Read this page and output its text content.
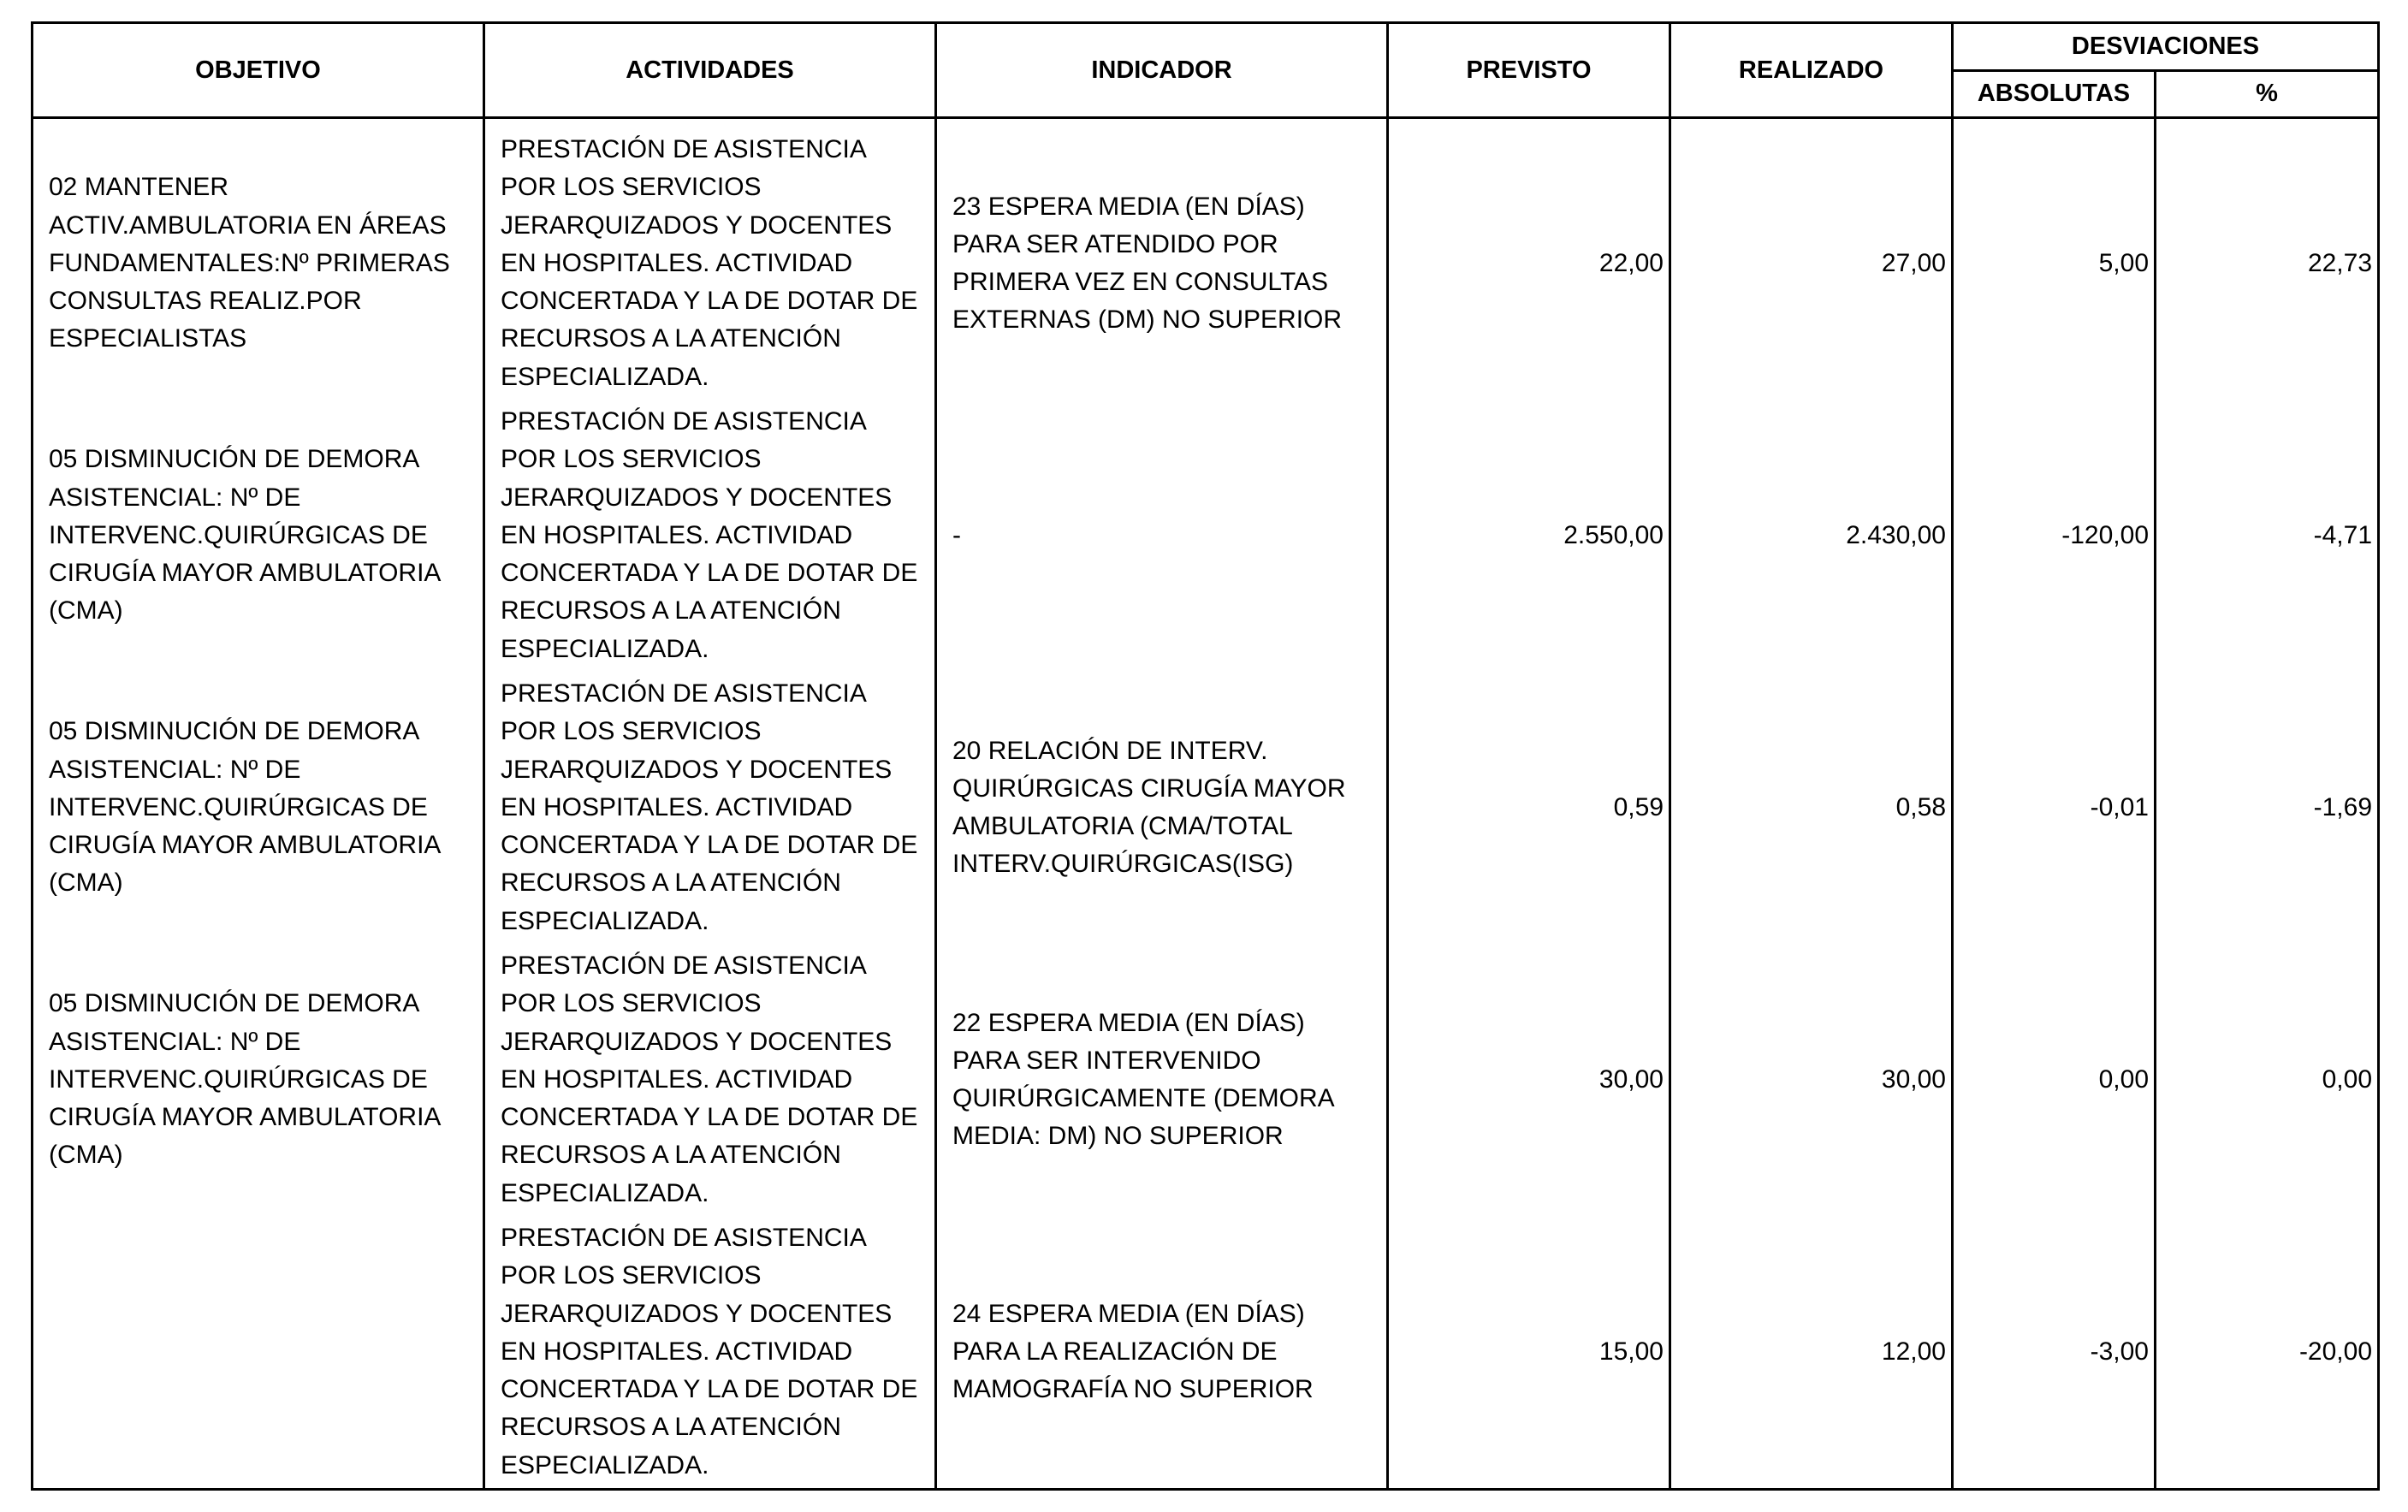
OBJETIVO	ACTIVIDADES	INDICADOR	PREVISTO	REALIZADO	DESVIACIONES	
					ABSOLUTAS	%
02 MANTENER ACTIV.AMBULATORIA EN ÁREAS FUNDAMENTALES:Nº PRIMERAS CONSULTAS REALIZ.POR ESPECIALISTAS	PRESTACIÓN DE ASISTENCIA POR LOS SERVICIOS JERARQUIZADOS Y DOCENTES EN HOSPITALES. ACTIVIDAD CONCERTADA Y LA DE DOTAR DE RECURSOS A LA ATENCIÓN ESPECIALIZADA.	23 ESPERA MEDIA (EN DÍAS) PARA SER ATENDIDO POR PRIMERA VEZ EN CONSULTAS EXTERNAS (DM) NO SUPERIOR	22,00	27,00	5,00	22,73
05 DISMINUCIÓN DE DEMORA ASISTENCIAL: Nº DE INTERVENC.QUIRÚRGICAS DE CIRUGÍA MAYOR AMBULATORIA (CMA)	PRESTACIÓN DE ASISTENCIA POR LOS SERVICIOS JERARQUIZADOS Y DOCENTES EN HOSPITALES. ACTIVIDAD CONCERTADA Y LA DE DOTAR DE RECURSOS A LA ATENCIÓN ESPECIALIZADA.	-	2.550,00	2.430,00	-120,00	-4,71
05 DISMINUCIÓN DE DEMORA ASISTENCIAL: Nº DE INTERVENC.QUIRÚRGICAS DE CIRUGÍA MAYOR AMBULATORIA (CMA)	PRESTACIÓN DE ASISTENCIA POR LOS SERVICIOS JERARQUIZADOS Y DOCENTES EN HOSPITALES. ACTIVIDAD CONCERTADA Y LA DE DOTAR DE RECURSOS A LA ATENCIÓN ESPECIALIZADA.	20 RELACIÓN DE INTERV. QUIRÚRGICAS CIRUGÍA MAYOR AMBULATORIA (CMA/TOTAL INTERV.QUIRÚRGICAS(ISG)	0,59	0,58	-0,01	-1,69
05 DISMINUCIÓN DE DEMORA ASISTENCIAL: Nº DE INTERVENC.QUIRÚRGICAS DE CIRUGÍA MAYOR AMBULATORIA (CMA)	PRESTACIÓN DE ASISTENCIA POR LOS SERVICIOS JERARQUIZADOS Y DOCENTES EN HOSPITALES. ACTIVIDAD CONCERTADA Y LA DE DOTAR DE RECURSOS A LA ATENCIÓN ESPECIALIZADA.	22 ESPERA MEDIA (EN DÍAS) PARA SER INTERVENIDO QUIRÚRGICAMENTE (DEMORA MEDIA: DM) NO SUPERIOR	30,00	30,00	0,00	0,00
	PRESTACIÓN DE ASISTENCIA POR LOS SERVICIOS JERARQUIZADOS Y DOCENTES EN HOSPITALES. ACTIVIDAD CONCERTADA Y LA DE DOTAR DE RECURSOS A LA ATENCIÓN ESPECIALIZADA.	24 ESPERA MEDIA (EN DÍAS) PARA LA REALIZACIÓN DE MAMOGRAFÍA NO SUPERIOR	15,00	12,00	-3,00	-20,00
